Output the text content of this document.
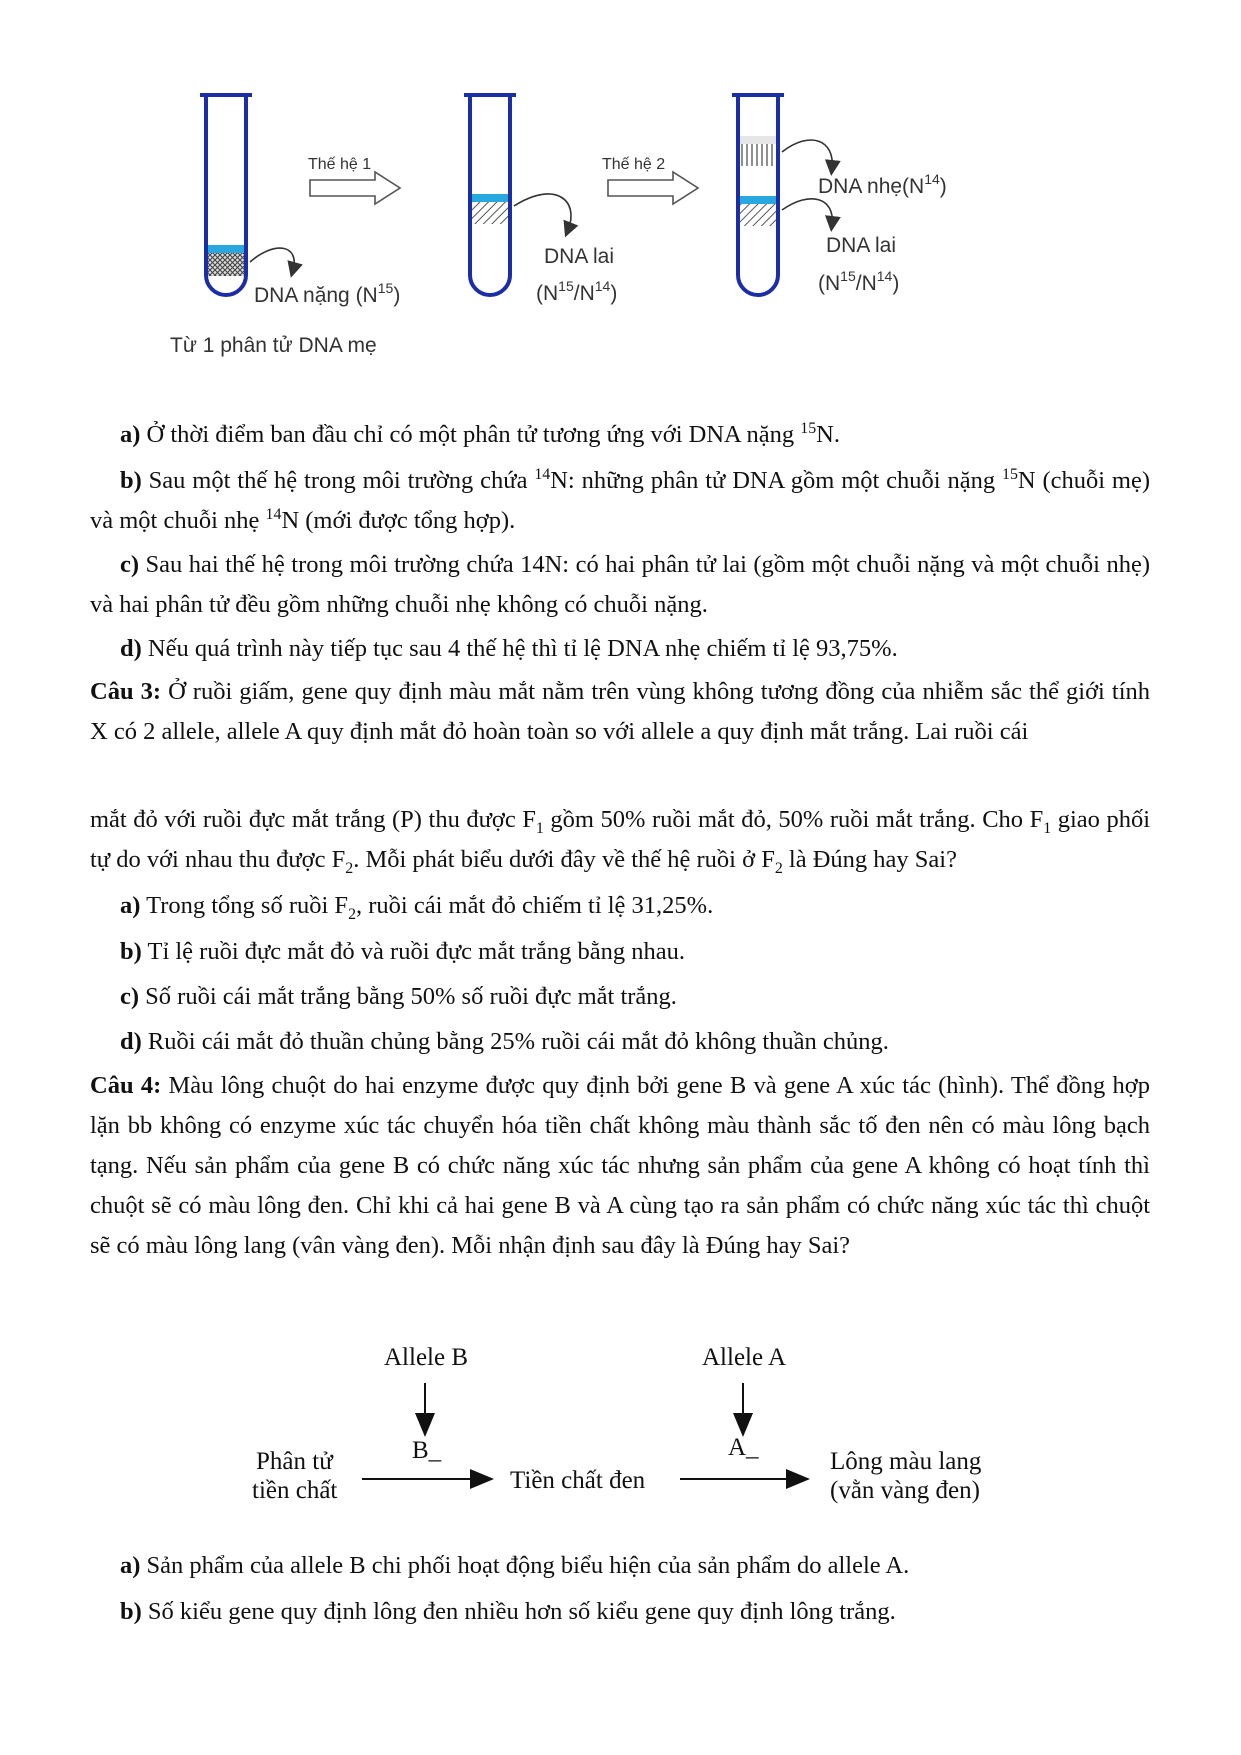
DNA nặng $(N^{15})$
Từ 1 phân tử DNA mẹ
Thế hệ 1
DNA lai
$(N^{15}/N^{14})$
Thế hệ 2
DNA $nhẹ(N^{14})$
DNA lai
$(N^{15}/N^{14})$

a) Ở thời điểm ban đầu chỉ có một phân tử tương ứng với DNA nặng $^{15}$N.

b) Sau một thế hệ trong môi trường chứa $^{14}$N: những phân tử DNA gồm một chuỗi nặng $^{15}$N (chuỗi mẹ) và một chuỗi nhẹ $^{14}$N (mới được tổng hợp).

c) Sau hai thế hệ trong môi trường chứa 14N: có hai phân tử lai (gồm một chuỗi nặng và một chuỗi nhẹ) và hai phân tử đều gồm những chuỗi nhẹ không có chuỗi nặng.

d) Nếu quá trình này tiếp tục sau 4 thế hệ thì tỉ lệ DNA nhẹ chiếm tỉ lệ 93,75%.

Câu 3: Ở ruồi giấm, gene quy định màu mắt nằm trên vùng không tương đồng của nhiễm sắc thể giới tính X có 2 allele, allele A quy định mắt đỏ hoàn toàn so với allele a quy định mắt trắng. Lai ruồi cái

mắt đỏ với ruồi đực mắt trắng (P) thu được $F_1$ gồm 50% ruồi mắt đỏ, 50% ruồi mắt trắng. Cho $F_1$ giao phối tự do với nhau thu được $F_2$. Mỗi phát biểu dưới đây về thế hệ ruồi ở $F_2$ là Đúng hay Sai?

a) Trong tổng số ruồi $F_2$, ruồi cái mắt đỏ chiếm tỉ lệ 31,25%.

b) Tỉ lệ ruồi đực mắt đỏ và ruồi đực mắt trắng bằng nhau.

c) Số ruồi cái mắt trắng bằng 50% số ruồi đực mắt trắng.

d) Ruồi cái mắt đỏ thuần chủng bằng 25% ruồi cái mắt đỏ không thuần chủng.

Câu 4: Màu lông chuột do hai enzyme được quy định bởi gene B và gene A xúc tác (hình). Thể đồng hợp lặn bb không có enzyme xúc tác chuyển hóa tiền chất không màu thành sắc tố đen nên có màu lông bạch tạng. Nếu sản phẩm của gene B có chức năng xúc tác nhưng sản phẩm của gene A không có hoạt tính thì chuột sẽ có màu lông đen. Chỉ khi cả hai gene B và A cùng tạo ra sản phẩm có chức năng xúc tác thì chuột sẽ có màu lông lang (vân vàng đen). Mỗi nhận định sau đây là Đúng hay Sai?

Allele B	Allele A
B_	A_
Phân tử
tiền chất	Tiền chất đen
Lông màu lang
(vằn vàng đen)

a) Sản phẩm của allele B chi phối hoạt động biểu hiện của sản phẩm do allele A.

b) Số kiểu gene quy định lông đen nhiều hơn số kiểu gene quy định lông trắng.
